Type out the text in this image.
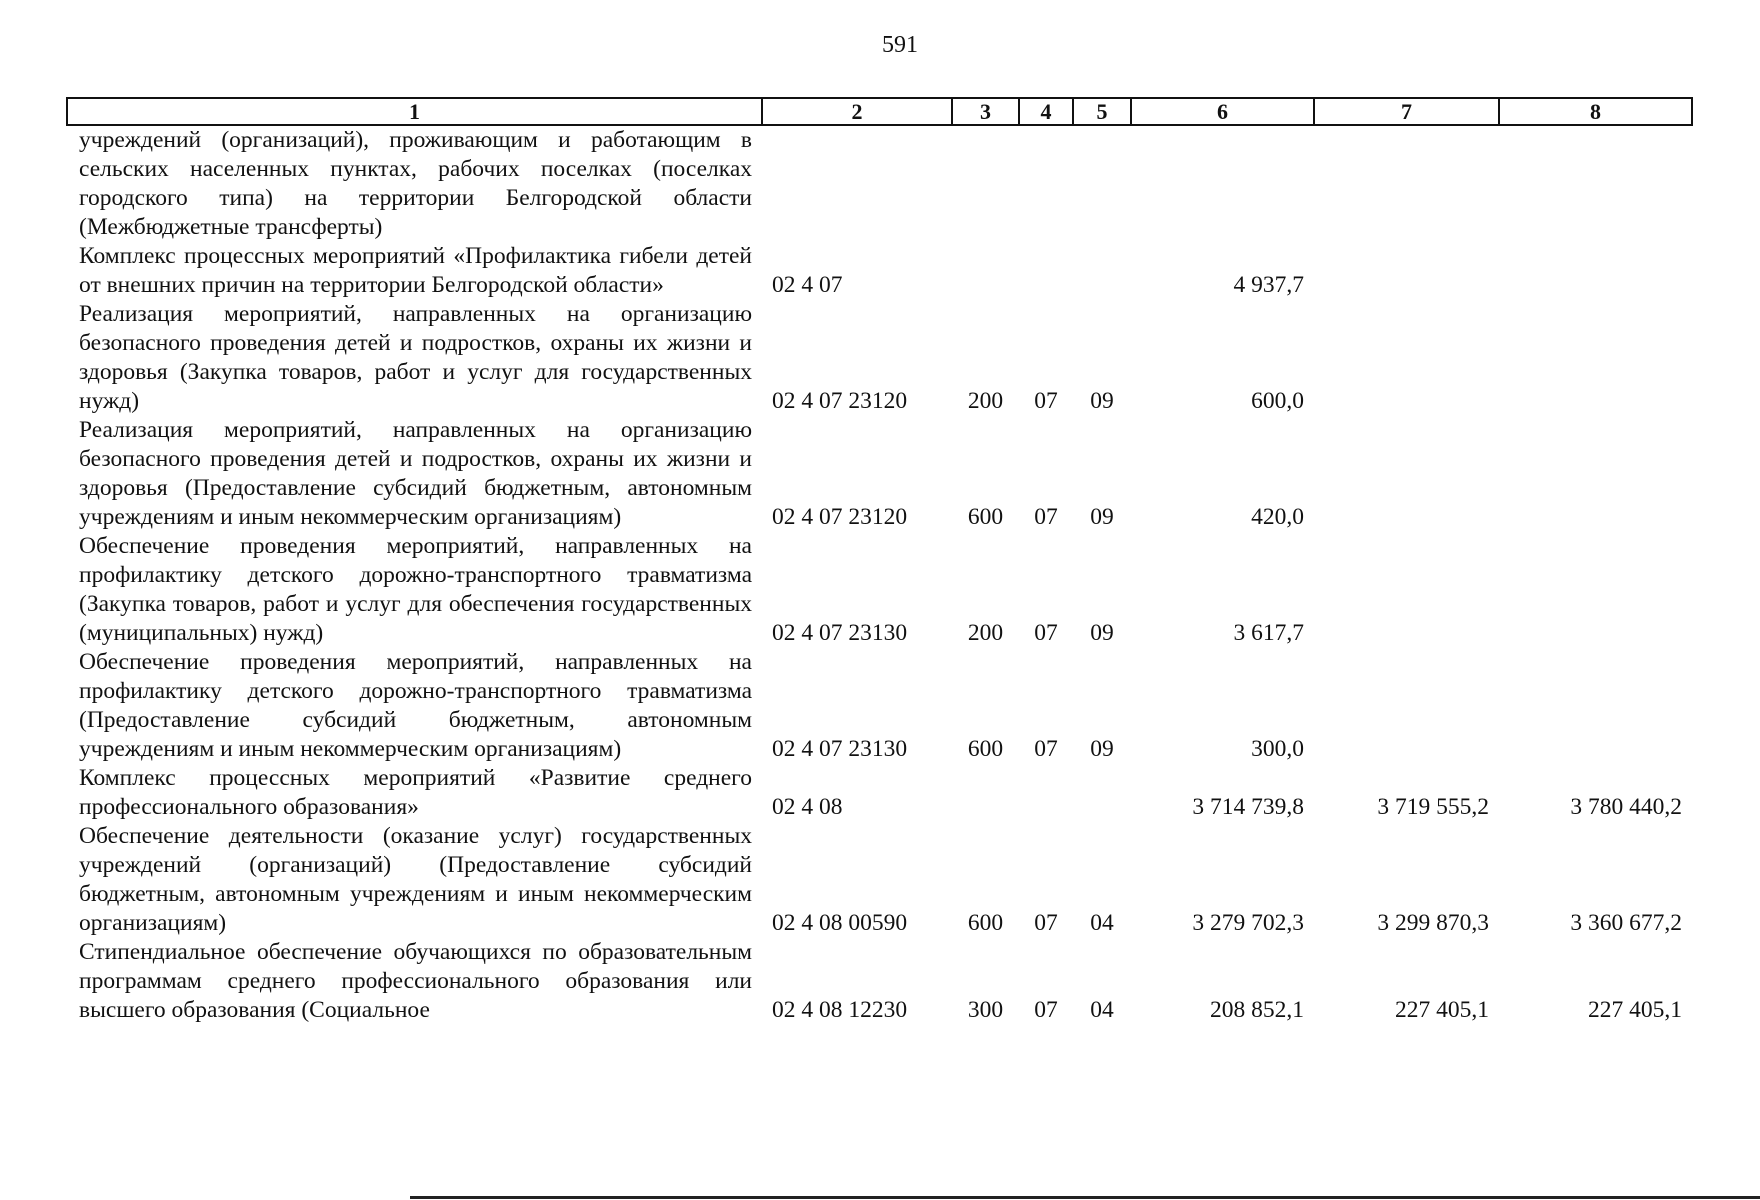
591
1	2	3	4	5	6	7	8
учреждений (организаций), проживающим и работающим в сельских населенных пунктах, рабочих поселках (поселках городского типа) на территории Белгородской области (Межбюджетные трансферты)							
Комплекс процессных мероприятий «Профилактика гибели детей от внешних причин на территории Белгородской области»	02 4 07				4 937,7		
Реализация мероприятий, направленных на организацию безопасного проведения детей и подростков, охраны их жизни и здоровья (Закупка товаров, работ и услуг для государственных нужд)	02 4 07 23120	200	07	09	600,0		
Реализация мероприятий, направленных на организацию безопасного проведения детей и подростков, охраны их жизни и здоровья (Предоставление субсидий бюджетным, автономным учреждениям и иным некоммерческим организациям)	02 4 07 23120	600	07	09	420,0		
Обеспечение проведения мероприятий, направленных на профилактику детского дорожно-транспортного травматизма (Закупка товаров, работ и услуг для обеспечения государственных (муниципальных) нужд)	02 4 07 23130	200	07	09	3 617,7		
Обеспечение проведения мероприятий, направленных на профилактику детского дорожно-транспортного травматизма (Предоставление субсидий бюджетным, автономным учреждениям и иным некоммерческим организациям)	02 4 07 23130	600	07	09	300,0		
Комплекс процессных мероприятий «Развитие среднего профессионального образования»	02 4 08				3 714 739,8	3 719 555,2	3 780 440,2
Обеспечение деятельности (оказание услуг) государственных учреждений (организаций) (Предоставление субсидий бюджетным, автономным учреждениям и иным некоммерческим организациям)	02 4 08 00590	600	07	04	3 279 702,3	3 299 870,3	3 360 677,2
Стипендиальное обеспечение обучающихся по образовательным программам среднего профессионального образования или высшего образования (Социальное	02 4 08 12230	300	07	04	208 852,1	227 405,1	227 405,1
